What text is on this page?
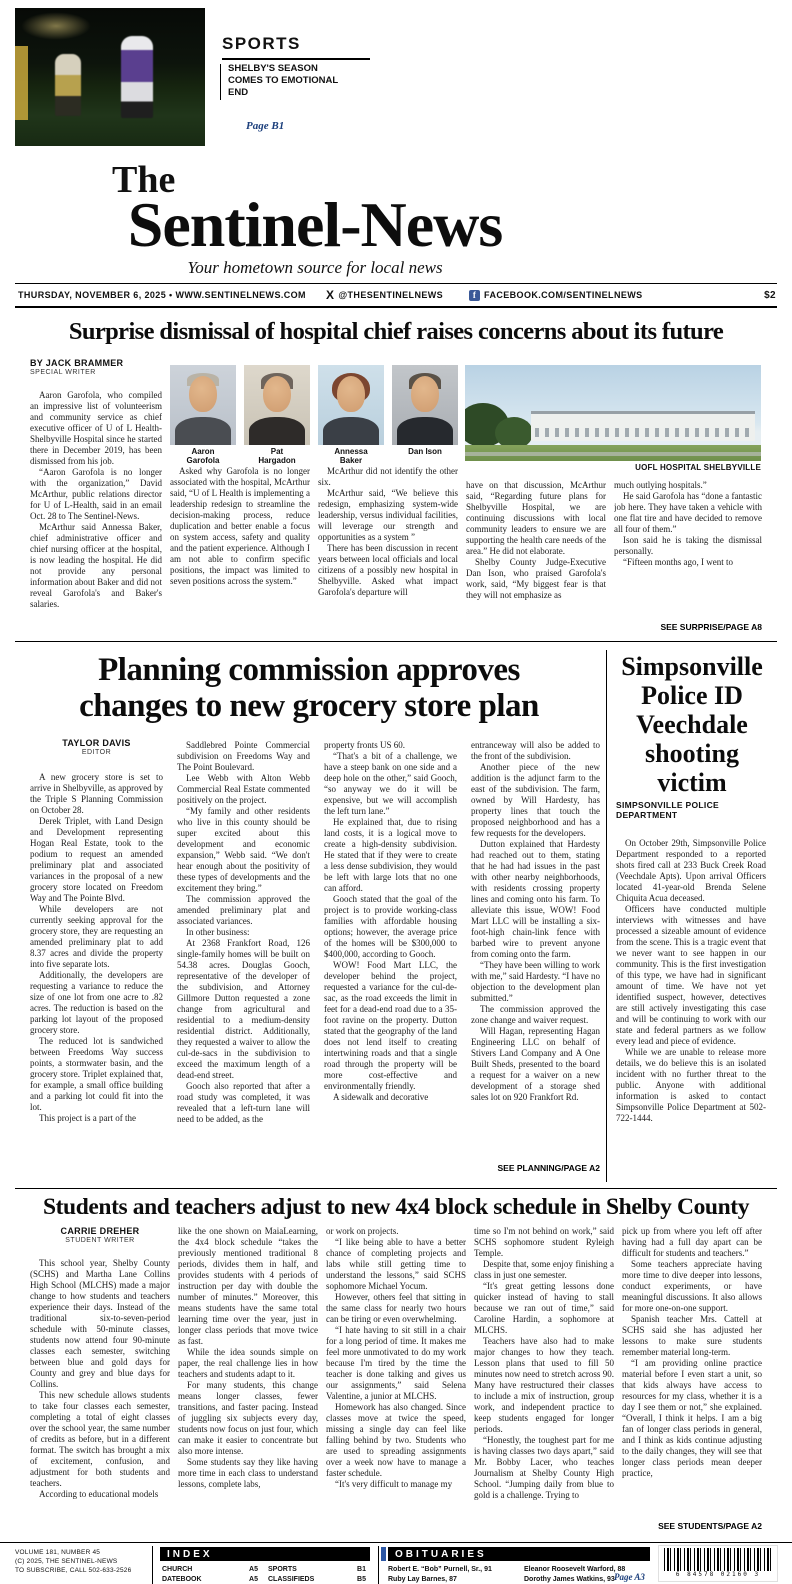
SPORTS
SHELBY'S SEASON COMES TO EMOTIONAL END
Page B1
The
Sentinel-News
Your hometown source for local news
THURSDAY, NOVEMBER 6, 2025 • WWW.SENTINELNEWS.COM X @THESENTINELNEWS	f FACEBOOK.COM/SENTINELNEWS	$2
Surprise dismissal of hospital chief raises concerns about its future
BY JACK BRAMMER
SPECIAL WRITER
Aaron Garofola
Pat Hargadon
Annessa Baker
Dan Ison
UOFL HOSPITAL SHELBYVILLE

Aaron Garofola, who compiled an impressive list of volunteerism and community service as chief executive officer of U of L Health-Shelbyville Hospital since he started there in December 2019, has been dismissed from his job.

“Aaron Garofola is no longer with the organization,” David McArthur, public relations director for U of L-Health, said in an email Oct. 28 to The Sentinel-News.

McArthur said Annessa Baker, chief administrative officer and chief nursing officer at the hospital, is now leading the hospital. He did not provide any personal information about Baker and did not reveal Garofola's and Baker's salaries.

Asked why Garofola is no longer associated with the hospital, McArthur said, “U of L Health is implementing a leadership redesign to streamline the decision-making process, reduce duplication and better enable a focus on system access, safety and quality and the patient experience. Although I am not able to confirm specific positions, the impact was limited to seven positions across the system.”

McArthur did not identify the other six.

McArthur said, “We believe this redesign, emphasizing system-wide leadership, versus individual facilities, will leverage our strength and opportunities as a system ”

There has been discussion in recent years between local officials and local citizens of a possibly new hospital in Shelbyville. Asked what impact Garofola's departure will

have on that discussion, McArthur said, “Regarding future plans for Shelbyville Hospital, we are continuing discussions with local community leaders to ensure we are supporting the health care needs of the area.” He did not elaborate.

Shelby County Judge-Executive Dan Ison, who praised Garofola's work, said, “My biggest fear is that they will not emphasize as

much outlying hospitals.”

He said Garofola has “done a fantastic job here. They have taken a vehicle with one flat tire and have decided to remove all four of them.”

Ison said he is taking the dismissal personally.

“Fifteen months ago, I went to

SEE SURPRISE/PAGE A8
Planning commission approves
changes to new grocery store plan
TAYLOR DAVIS
EDITOR

A new grocery store is set to arrive in Shelbyville, as approved by the Triple S Planning Commission on October 28.

Derek Triplet, with Land Design and Development representing Hogan Real Estate, took to the podium to request an amended preliminary plat and associated variances in the proposal of a new grocery store located on Freedom Way and The Pointe Blvd.

While developers are not currently seeking approval for the grocery store, they are requesting an amended preliminary plat to add 8.37 acres and divide the property into five separate lots.

Additionally, the developers are requesting a variance to reduce the size of one lot from one acre to .82 acres. The reduction is based on the parking lot layout of the proposed grocery store.

The reduced lot is sandwiched between Freedoms Way success points, a stormwater basin, and the grocery store. Triplet explained that, for example, a small office building and a parking lot could fit into the lot.

This project is a part of the

Saddlebred Pointe Commercial subdivision on Freedoms Way and The Point Boulevard.

Lee Webb with Alton Webb Commercial Real Estate commented positively on the project.

“My family and other residents who live in this county should be super excited about this development and economic expansion,” Webb said. “We don't hear enough about the positivity of these types of developments and the excitement they bring.”

The commission approved the amended preliminary plat and associated variances.

In other business:

At 2368 Frankfort Road, 126 single-family homes will be built on 54.38 acres. Douglas Gooch, representative of the developer of the subdivision, and Attorney Gillmore Dutton requested a zone change from agricultural and residential to a medium-density residential district. Additionally, they requested a waiver to allow the cul-de-sacs in the subdivision to exceed the maximum length of a dead-end street.

Gooch also reported that after a road study was completed, it was revealed that a left-turn lane will need to be added, as the

property fronts US 60.

“That's a bit of a challenge, we have a steep bank on one side and a deep hole on the other,” said Gooch, “so anyway we do it will be expensive, but we will accomplish the left turn lane.”

He explained that, due to rising land costs, it is a logical move to create a high-density subdivision. He stated that if they were to create a less dense subdivision, they would be left with large lots that no one can afford.

Gooch stated that the goal of the project is to provide working-class families with affordable housing options; however, the average price of the homes will be $300,000 to $400,000, according to Gooch.

WOW! Food Mart LLC, the developer behind the project, requested a variance for the cul-de-sac, as the road exceeds the limit in feet for a dead-end road due to a 35-foot ravine on the property. Dutton stated that the geography of the land does not lend itself to creating intertwining roads and that a single road through the property will be more cost-effective and environmentally friendly.

A sidewalk and decorative

entranceway will also be added to the front of the subdivision.

Another piece of the new addition is the adjunct farm to the east of the subdivision. The farm, owned by Will Hardesty, has property lines that touch the proposed neighborhood and has a few requests for the developers.

Dutton explained that Hardesty had reached out to them, stating that he had had issues in the past with other nearby neighborhoods, with residents crossing property lines and coming onto his farm. To alleviate this issue, WOW! Food Mart LLC will be installing a six-foot-high chain-link fence with barbed wire to prevent anyone from coming onto the farm.

“They have been willing to work with me,” said Hardesty. “I have no objection to the development plan submitted.”

The commission approved the zone change and waiver request.

Will Hagan, representing Hagan Engineering LLC on behalf of Stivers Land Company and A One Built Sheds, presented to the board a request for a waiver on a new development of a storage shed sales lot on 920 Frankfort Rd.

SEE PLANNING/PAGE A2
Simpsonville Police ID Veechdale shooting victim
SIMPSONVILLE POLICE DEPARTMENT

On October 29th, Simpsonville Police Department responded to a reported shots fired call at 233 Buck Creek Road (Veechdale Apts). Upon arrival Officers located 41-year-old Brenda Selene Chiquita Acua deceased.

Officers have conducted multiple interviews with witnesses and have processed a sizeable amount of evidence from the scene. This is a tragic event that we never want to see happen in our community. This is the first investigation of this type, we have had in significant amount of time. We have not yet identified suspect, however, detectives are still actively investigating this case and will be continuing to work with our state and federal partners as we follow every lead and piece of evidence.

While we are unable to release more details, we do believe this is an isolated incident with no further threat to the public. Anyone with additional information is asked to contact Simpsonville Police Department at 502-722-1444.

Students and teachers adjust to new 4x4 block schedule in Shelby County
CARRIE DREHER
STUDENT WRITER

This school year, Shelby County (SCHS) and Martha Lane Collins High School (MLCHS) made a major change to how students and teachers experience their days. Instead of the traditional six-to-seven-period schedule with 50-minute classes, students now attend four 90-minute classes each semester, switching between blue and gold days for County and grey and blue days for Collins.

This new schedule allows students to take four classes each semester, completing a total of eight classes over the school year, the same number of credits as before, but in a different format. The switch has brought a mix of excitement, confusion, and adjustment for both students and teachers.

According to educational models

like the one shown on MaiaLearning, the 4x4 block schedule “takes the previously mentioned traditional 8 periods, divides them in half, and provides students with 4 periods of instruction per day with double the number of minutes.” Moreover, this means students have the same total learning time over the year, just in longer class periods that move twice as fast.

While the idea sounds simple on paper, the real challenge lies in how teachers and students adapt to it.

For many students, this change means longer classes, fewer transitions, and faster pacing. Instead of juggling six subjects every day, students now focus on just four, which can make it easier to concentrate but also more intense.

Some students say they like having more time in each class to understand lessons, complete labs,

or work on projects.

“I like being able to have a better chance of completing projects and labs while still getting time to understand the lessons,” said SCHS sophomore Michael Yocum.

However, others feel that sitting in the same class for nearly two hours can be tiring or even overwhelming.

“I hate having to sit still in a chair for a long period of time. It makes me feel more unmotivated to do my work because I'm tired by the time the teacher is done talking and gives us our assignments,” said Selena Valentine, a junior at MLCHS.

Homework has also changed. Since classes move at twice the speed, missing a single day can feel like falling behind by two. Students who are used to spreading assignments over a week now have to manage a faster schedule.

“It's very difficult to manage my

time so I'm not behind on work,” said SCHS sophomore student Ryleigh Temple.

Despite that, some enjoy finishing a class in just one semester.

“It's great getting lessons done quicker instead of having to stall because we ran out of time,” said Caroline Hardin, a sophomore at MLCHS.

Teachers have also had to make major changes to how they teach. Lesson plans that used to fill 50 minutes now need to stretch across 90. Many have restructured their classes to include a mix of instruction, group work, and independent practice to keep students engaged for longer periods.

“Honestly, the toughest part for me is having classes two days apart,” said Mr. Bobby Lacer, who teaches Journalism at Shelby County High School. “Jumping daily from blue to gold is a challenge. Trying to

pick up from where you left off after having had a full day apart can be difficult for students and teachers.”

Some teachers appreciate having more time to dive deeper into lessons, conduct experiments, or have meaningful discussions. It also allows for more one-on-one support.

Spanish teacher Mrs. Cattell at SCHS said she has adjusted her lessons to make sure students remember material long-term.

“I am providing online practice material before I even start a unit, so that kids always have access to resources for my class, whether it is a day I see them or not,” she explained. “Overall, I think it helps. I am a big fan of longer class periods in general, and I think as kids continue adjusting to the daily changes, they will see that longer class periods mean deeper practice,

SEE STUDENTS/PAGE A2
VOLUME 181, NUMBER 45
(C) 2025, THE SENTINEL-NEWS
TO SUBSCRIBE, CALL 502-633-2526
INDEX
CHURCH	A5
DATEBOOK	A5
SPORTS	B1
CLASSIFIEDS	B5
OBITUARIES
Robert E. “Bob” Purnell, Sr., 91
Ruby Lay Barnes, 87
Eleanor Roosevelt Warford, 88
Dorothy James Watkins, 93 Page A3	6 84578 02160 3
